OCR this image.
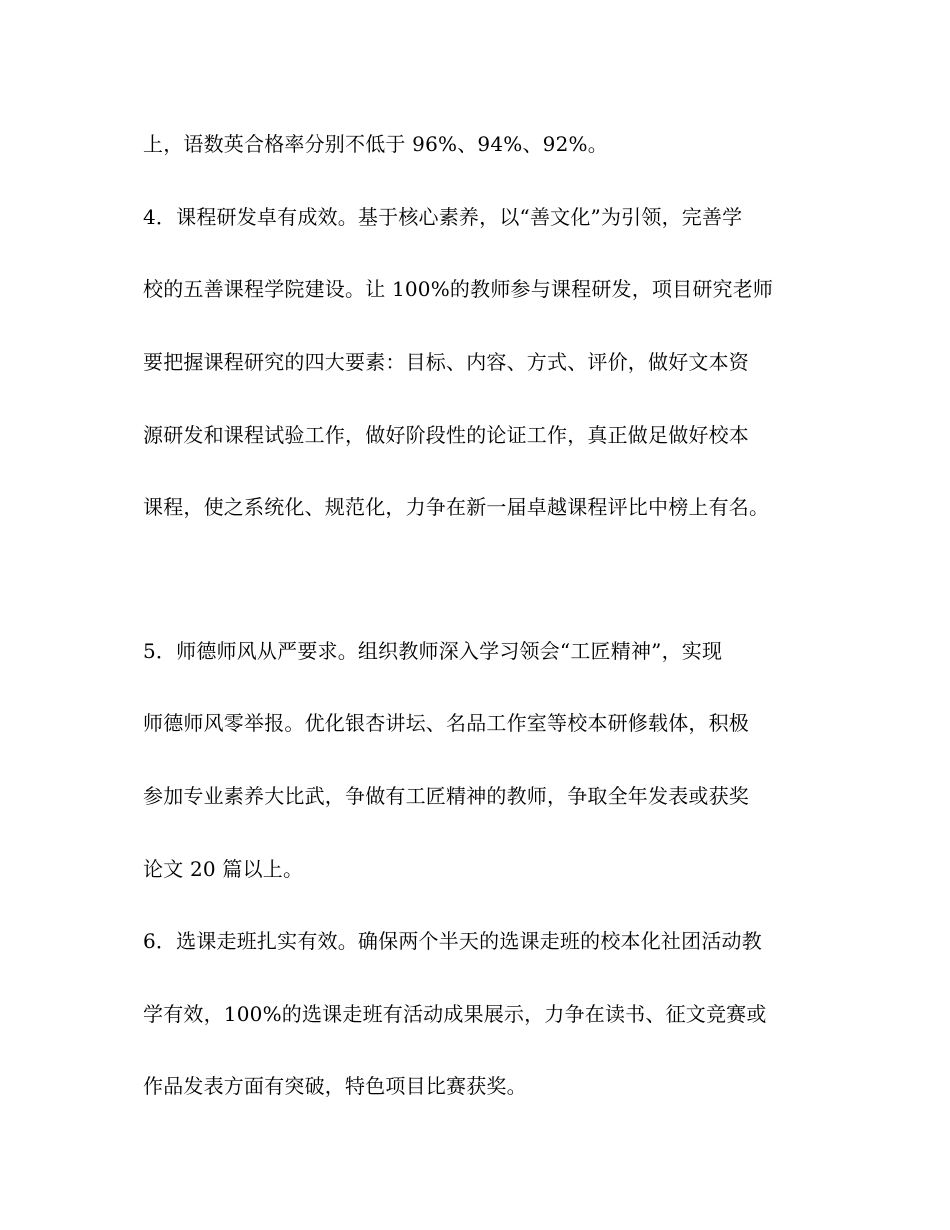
上，语数英合格率分别不低于 96%、94%、92%。
4．课程研发卓有成效。基于核心素养，以“善文化”为引领，完善学
校的五善课程学院建设。让 100%的教师参与课程研发，项目研究老师
要把握课程研究的四大要素：目标、内容、方式、评价，做好文本资
源研发和课程试验工作，做好阶段性的论证工作，真正做足做好校本
课程，使之系统化、规范化，力争在新一届卓越课程评比中榜上有名。
5．师德师风从严要求。组织教师深入学习领会“工匠精神”，实现
师德师风零举报。优化银杏讲坛、名品工作室等校本研修载体，积极
参加专业素养大比武，争做有工匠精神的教师，争取全年发表或获奖
论文 20 篇以上。
6．选课走班扎实有效。确保两个半天的选课走班的校本化社团活动教
学有效，100%的选课走班有活动成果展示，力争在读书、征文竞赛或
作品发表方面有突破，特色项目比赛获奖。
